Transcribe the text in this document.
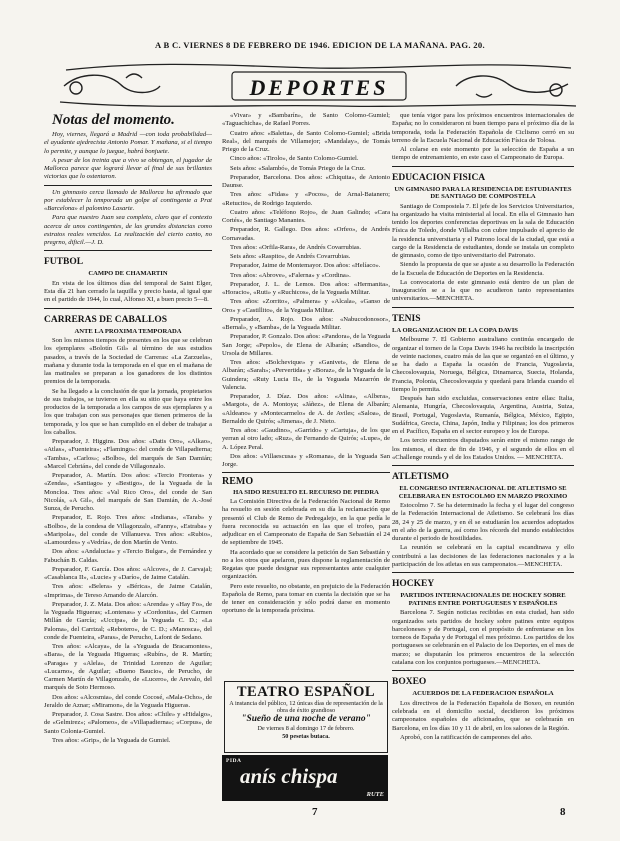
A B C. VIERNES 8 DE FEBRERO DE 1946. EDICION DE LA MAÑANA. PAG. 20.
DEPORTES
Notas del momento.

Hoy, viernes, llegará a Madrid —con toda probabilidad— el ayudante ajedrecista Antonio Pomar. Y mañana, si el tiempo lo permite, y aunque lo juegue, habrá bonjuete.

A pesar de los treinta que a vivo se obtengan, el jugador de Mallorca parece que logrará llevar al final de sus brillantes victorias que lo ostentaron.

Un gimnasio cerca llamado de Mallorca ha afirmado que por establecer la temporada un golpe al contingente a Prat «Barcelona» el palomino Lasarte.

Para que nuestro Juan sea completo, claro que el contexto acerca de unos contingentes, de las grandes distancias como estratos reales vencidos. La realización del cierto canto, no pregrno, dificil.—J. D.

FUTBOL
CAMPO DE CHAMARTIN

En vista de los últimos días del temporal de Saint Elger, Esta día 21 han cerrado la taquilla y precio hasta, al igual que en el partido de 1944, lo cual, Alfonso XI, a buen precio 5—8.

CARRERAS DE CABALLOS
ANTE LA PROXIMA TEMPORADA

Son los mismos tiempos de presentes en los que se celebran los ejemplares «Bolotín Gil» al término de sus estudios pasados, a través de la Sociedad de Carreras: «La Zarzuela», mañana y durante toda la temporada en el que en el mañana de las matinales se preparan a los ganadores de los distintos premios de la temporada.

Se ha llegado a la conclusión de que la jornada, propietarios de sus trabajos, se tuvieron en ella su sitio que haya entre los productos de la temporada a los campos de sus ejemplares y a los que trabajan con sus personajes que tienen primeros de la temporada, y los que se han cumplido en el deber de trabajar a los caballos.

Preparador, J. Higgins. Dos años: «Datis Oro», «Alkao», «Atlas», «Fuenteira»; «Flamingo»: del conde de Villapadierna; «Tamba», «Carlos»; «Bolbo», del marqués de San Damián; «Marcel Cebrián», del conde de Villagonzalo.

Preparador, A. Martín. Dos años: «Tercio Frontera» y «Zenda», «Santiago» y «Bestigo», de la Yeguada de la Moncloa. Tres años: «Val Rico Oro», del conde de San Nicolás, «A Gil», del marqués de San Damián, de A.-José Sunza, de Perucho.

Preparador, E. Rojo. Tres años: «Indiana», «Tarab» y «Bolbo», de la condesa de Villagonzalo, «Fanny», «Estraba» y «Maripola», del conde de Villanueva. Tres años: «Rubio», «Lamourdes» y «Vedría», de don Martín de Vento.

Dos años: «Andalucia» y «Tercio Bulgar», de Fernández y Fabuchán B. Caldas.

Preparador, F. García. Dos años: «Alcove», de J. Carvajal; «Casablanca II», «Lucie» y «Darío», de Jaime Catalán.

Tres años: «Belera» y «Bérica», de Jaime Catalán, «Imprima», de Tereso Amando de Alarcón.

Preparador, J. Z. Mata. Dos años: «Arenda» y «Hay Fo», de la Yeguada Higueras; «Lontenas» y «Cordonita», del Carmen Millán de García; «Uccipa», de la Yeguada C. D.; «La Paloma», del Carrizal; «Rebotero», de C. D.; «Manosca», del conde de Fuenteira, «Paras», de Perucho, Lafont de Sedano.

Tres años: «Alcaya», de la «Yeguada de Bracamontes», «Bara», de la Yeguada Higueras; «Rubín», de R. Martín; «Paraga» y «Alela», de Trinidad Lorenzo de Aguilar; «Lucarno», de Aguilar; «Bueno Baucio», de Perucho, de Carmen Martín de Villagonzalo, de «Lucero», de Arevalo, del marqués de Soto Hermoso.

Dos años: «Alcosmia», del conde Cocosé, «Mala-Ocho», de Jeraldo de Aznar; «Miramon», de la Yeguada Higueras.

Preparador, J. Cosa Sastre. Dos años: «Chile» y «Hidalgo», de «Gelmirez»; «Palomeo», de «Villapadierna»; «Corpus», de Santo Colonia-Gumiel.

Tres años: «Grip», de la Yeguada de Gumiel.

«Vivar» y «Bambarín», de Santo Colomo-Gumiel; «Taguachicha», de Rafael Porres.

Cuatro años: «Baletta», de Santo Colomo-Gumiel; «Brida Real», del marqués de Villamejor; «Mandalay», de Tomás Priego de la Cruz.

Cinco años: «Tirolo», de Santo Colomo-Gumiel.

Seis años: «Salambó», de Tomás Priego de la Cruz.

Preparador, Barcelona. Dos años: «Chiquita», de Antonio Daunse.

Tres años: «Fidas» y «Pocos», de Arnal-Batanero; «Retucito», de Rodrigo Izquierdo.

Cuatro años: «Teléfono Rojo», de Juan Galindo; «Cara Cortés», de Santiago Manantes.

Preparador, R. Gallego. Dos años: «Orfeo», de Andrés Cornavadas.

Tres años: «Orfila-Rara», de Andrés Covarrubias.

Seis años: «Raspito», de Andrés Covarrubias.

Preparador, Jaime de Montemayor. Dos años: «Helíaco».

Tres años: «Abrove», «Falerna» y «Cordina».

Preparador, J. L. de Lemos. Dos años: «Hermanita», «Horacio», «Ruti» y «Ruchicos», de la Yeguada Militar.

Tres años: «Zorrito», «Palmera» y «Alcala», «Ganso de Oro» y «Castillito», de la Yeguada Militar.

Preparador, A. Rojo. Dos años: «Nabucodonosor», «Bernal», y «Bamba», de la Yeguada Militar.

Preparador, P. Gonzalo. Dos años: «Pandora», de la Yeguada San Jorge; «Pepolo», de Elena de Albarán; «Bandio», de Ursola de Millares.

Tres años: «Bolchevique» y «Ganivet», de Elena de Albarán; «Sarah»; «Pervertida» y «Boraz», de la Yeguada de la Guindera; «Ruty Lucia II», de la Yeguada Mazarrón de Valencia.

Preparador, J. Díaz. Dos años: «Alina», «Albera», «Margot», de A. Montoya; «Jáñez», de Elena de Albarán; «Aldeano» y «Montecarmelo» de A. de Aviles; «Saloa», de Bernaldo de Quirós; «Jimena», de J. Nieto.

Tres años: «Gaudino», «Garrido» y «Cartuja», de los que yerran al otro lado; «Ruz», de Fernando de Quirós; «Lupe», de A. López Peral.

Dos años: «Villaescusa» y «Romana», de la Yeguada San Jorge.

REMO
HA SIDO RESUELTO EL RECURSO DE PIEDRA

La Comisión Directiva de la Federación Nacional de Remo ha resuelto en sesión celebrada en su día la reclamación que presentó el Club de Remo de Pedregalejo, en la que pedía le fuera reconocida su actuación en las que el trofeo, para adjudicar en el Campeonato de España de San Sebastián el 24 de septiembre de 1945.

Ha acordado que se considere la petición de San Sebastián y no a los otros que apelaron, pues dispone la reglamentación de Regatas que puede designar sus representantes ante cualquier organización.

Pero este resuelto, no obstante, en prejuicio de la Federación Española de Remo, para tomar en cuenta la decisión que se ha de tener en consideración y sólo podrá darse en momento oportuno de la temporada próxima.

TEATRO ESPAÑOL
A instancia del público, 12 únicas días de representación de la obra de éxito grandioso
"Sueño de una noche de verano"
De viernes 8 al domingo 17 de febrero.
50 pesetas butaca.
PIDA
anís chispa
RUTE

que tenía vigor para los próximos encuentros internacionales de España; no lo consideraron ni buen tiempo para el próximo día de la temporada, toda la Federación Española de Ciclismo cerró en su terreno de la Escuela Nacional de Educación Física de Tolosa.

Al colarse en este momento por la selección de España a un tiempo de entrenamiento, en este caso el Campeonato de Europa.

EDUCACION FISICA
UN GIMNASIO PARA LA RESIDENCIA DE ESTUDIANTES DE SANTIAGO DE COMPOSTELA

Santiago de Compostela 7. El jefe de los Servicios Universitarios, ha organizado ha visita ministerial al local. En ella el Gimnasio han tenido los deportes conferencias deportivas en la sala de Educación Física de Toledo, donde Villalba con cubre impulsado el aprecio de la residencia universitaria y el Patrono local de la ciudad, que está a cargo de la Residencia de estudiantes, donde se instala un completo de gimnasio, como de tipo universitario del Patronato.

Siendo la propuesta de que se ajuste a su desarrollo la Federación de la Escuela de Educación de Deportes en la Residencia.

La convocatoria de este gimnasio está dentro de un plan de inauguración se a la que no acudieron tanto representantes universitarios.—MENCHETA.

TENIS
LA ORGANIZACION DE LA COPA DAVIS

Melbourne 7. El Gobierno australiano continúa encargado de organizar el torneo de la Copa Davis 1946 ha recibido la inscripción de veinte naciones, cuatro más de las que se organizó en el último, y se ha dado a España la ocasión de Francia, Yugoslavia, Checoslovaquia, Noruega, Bélgica, Dinamarca, Suecia, Holanda, Francia, Polonia, Checoslovaquia y quedará para Irlanda cuando el tiempo lo permita.

Después han sido excluidas, conservaciones entre ellas: Italia, Alemania, Hungría, Checoslovaquia, Argentina, Austria, Suiza, Brasil, Portugal, Yugoslavia, Rumanía, Bélgica, México, Egipto, Sudáfrica, Grecia, China, Japón, India y Filipinas; los dos primeros en el Pacífico, España en el sector europeo y los de Europa.

Los tercio encuentros disputados serán entre el mismo rango de los mismos, el diez de fin de 1946, y el segundo de ellos en el «Challenge round» y el de los Estados Unidos. — MENCHETA.

ATLETISMO
EL CONGRESO INTERNACIONAL DE ATLETISMO SE CELEBRARA EN ESTOCOLMO EN MARZO PROXIMO

Estocolmo 7. Se ha determinado la fecha y el lugar del congreso de la Federación Internacional de Atletismo. Se celebrará los días 28, 24 y 25 de marzo, y en él se estudiarán los acuerdos adoptados en el año de la guerra, así como los récords del mundo establecidos durante el periodo de hostilidades.

La reunión se celebrará en la capital escandinava y ello contribuirá a las decisiones de las federaciones nacionales y a la participación de los atletas en sus campeonatos.—MENCHETA.

HOCKEY
PARTIDOS INTERNACIONALES DE HOCKEY SOBRE PATINES ENTRE PORTUGUESES Y ESPAÑOLES

Barcelona 7. Según noticias recibidas en esta ciudad, han sido organizados seis partidos de hockey sobre patines entre equipos barceloneses y de Portugal, con el propósito de enfrentarse en los torneos de España y de Portugal el mes próximo. Los partidos de los portugueses se celebrarán en el Palacio de los Deportes, en el mes de marzo; se disputarán los primeros encuentros de la selección catalana con los conjuntos portugueses.—MENCHETA.

BOXEO
ACUERDOS DE LA FEDERACION ESPAÑOLA

Los directivos de la Federación Española de Boxeo, en reunión celebrada en el domicilio social, decidieron los próximos campeonatos españoles de aficionados, que se celebrarán en Barcelona, en los días 10 y 11 de abril, en los salones de la Región.

Aprobó, con la ratificación de campeones del año.

7	8
